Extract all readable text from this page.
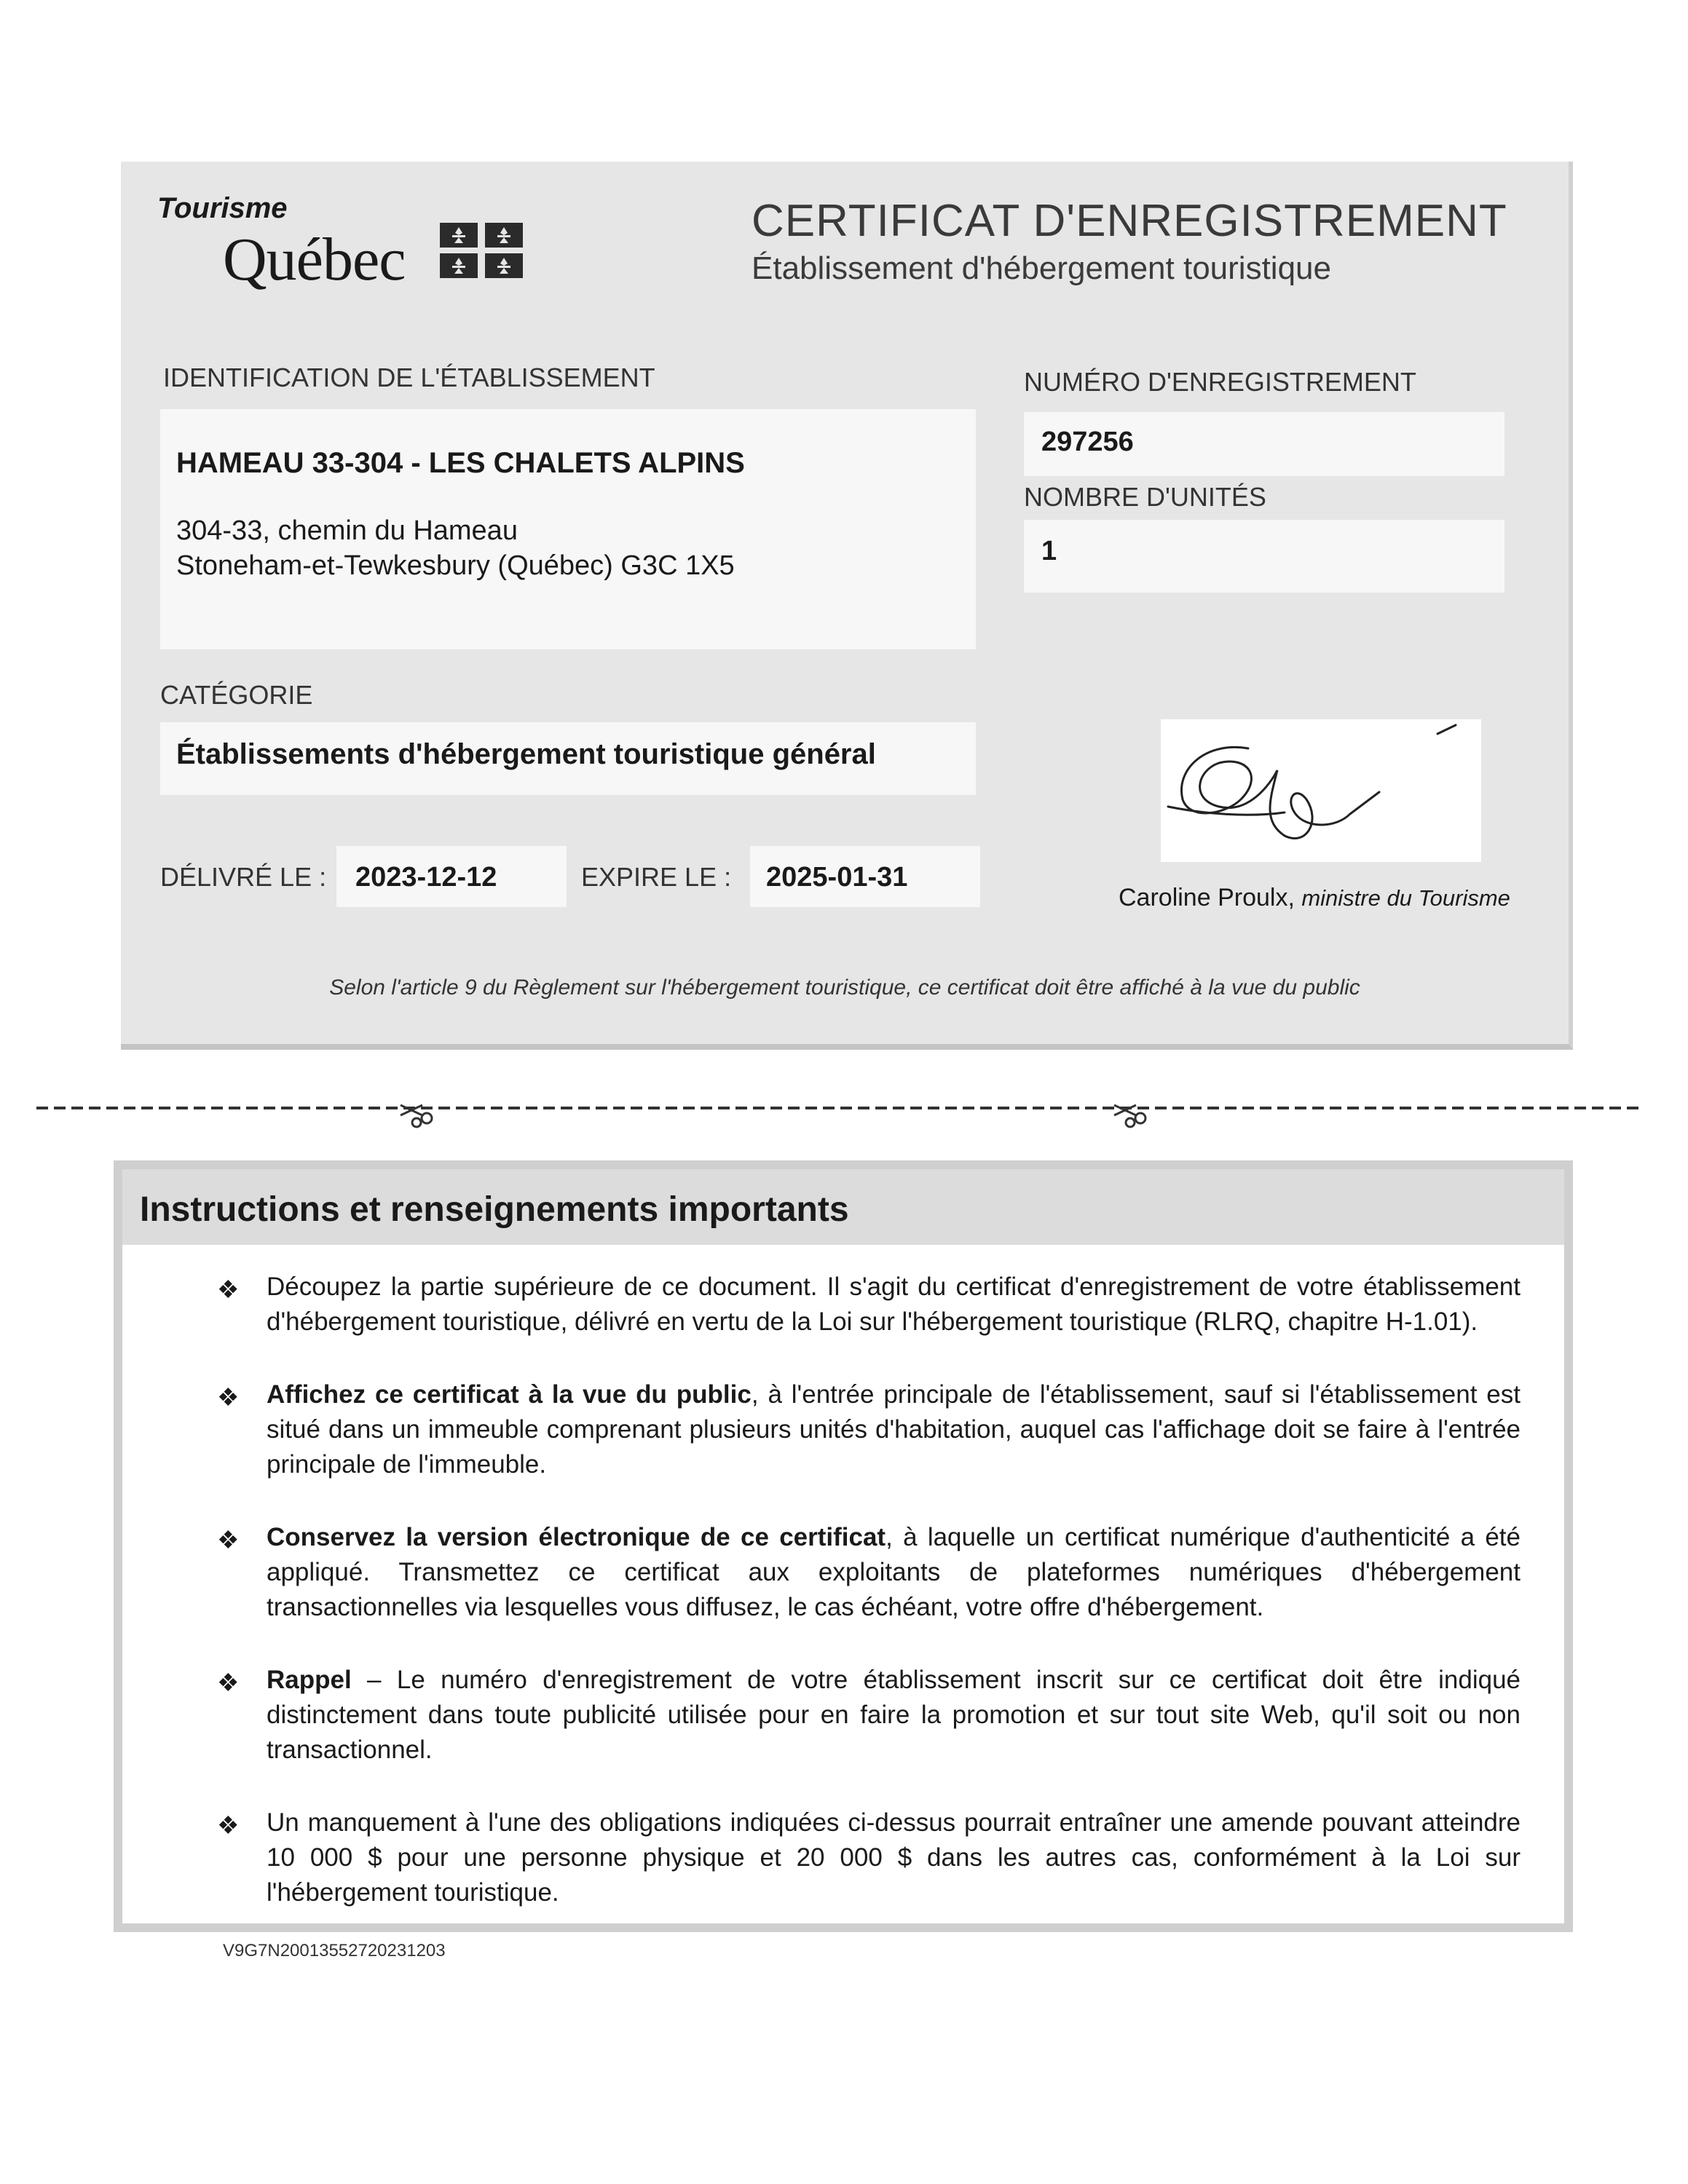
Tourisme
Québec
CERTIFICAT D'ENREGISTREMENT
Établissement d'hébergement touristique
IDENTIFICATION DE L'ÉTABLISSEMENT
HAMEAU 33-304 - LES CHALETS ALPINS
304-33, chemin du Hameau
Stoneham-et-Tewkesbury (Québec) G3C 1X5
NUMÉRO D'ENREGISTREMENT
297256
NOMBRE D'UNITÉS
1
CATÉGORIE
Établissements d'hébergement touristique général
DÉLIVRÉ LE : 2023-12-12	EXPIRE LE : 2025-01-31
Caroline Proulx, ministre du Tourisme
Selon l'article 9 du Règlement sur l'hébergement touristique, ce certificat doit être affiché à la vue du public
Instructions et renseignements importants
❖ Découpez la partie supérieure de ce document. Il s'agit du certificat d'enregistrement de votre établissement d'hébergement touristique, délivré en vertu de la Loi sur l'hébergement touristique (RLRQ, chapitre H-1.01).
❖ Affichez ce certificat à la vue du public, à l'entrée principale de l'établissement, sauf si l'établissement est situé dans un immeuble comprenant plusieurs unités d'habitation, auquel cas l'affichage doit se faire à l'entrée principale de l'immeuble.
❖ Conservez la version électronique de ce certificat, à laquelle un certificat numérique d'authenticité a été appliqué. Transmettez ce certificat aux exploitants de plateformes numériques d'hébergement transactionnelles via lesquelles vous diffusez, le cas échéant, votre offre d'hébergement.
❖ Rappel – Le numéro d'enregistrement de votre établissement inscrit sur ce certificat doit être indiqué distinctement dans toute publicité utilisée pour en faire la promotion et sur tout site Web, qu'il soit ou non transactionnel.
❖ Un manquement à l'une des obligations indiquées ci-dessus pourrait entraîner une amende pouvant atteindre 10 000 $ pour une personne physique et 20 000 $ dans les autres cas, conformément à la Loi sur l'hébergement touristique.
V9G7N20013552720231203
